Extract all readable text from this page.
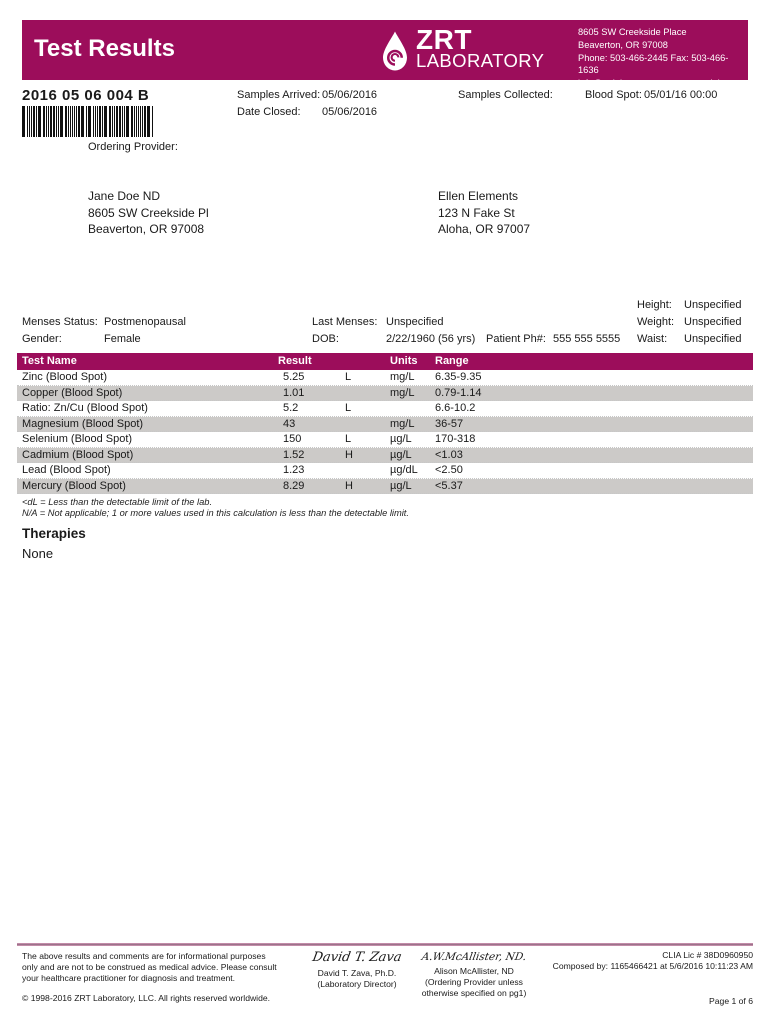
Test Results	ZRT
LABORATORY
8605 SW Creekside Place
Beaverton, OR 97008
Phone: 503-466-2445 Fax: 503-466-1636
info@zrtlab.com	www.zrtlab.com
2016 05 06 004 B
Ordering Provider:
Samples Arrived: 05/06/2016
Date Closed: 05/06/2016
Samples Collected:	Blood Spot: 05/01/16 00:00
Jane Doe ND
8605 SW Creekside Pl
Beaverton, OR 97008
Ellen Elements
123 N Fake St
Aloha, OR 97007
Menses Status: Postmenopausal
Gender:	Female
Last Menses: Unspecified
DOB:	2/22/1960 (56 yrs) Patient Ph#: 555 555 5555
Height: Unspecified
Weight: Unspecified
Waist: Unspecified
Test Name	Result	Units Range
Zinc (Blood Spot)	5.25	L	mg/L 6.35-9.35
Copper (Blood Spot)	1.01	mg/L 0.79-1.14
Ratio: Zn/Cu (Blood Spot)	5.2	L	6.6-10.2
Magnesium (Blood Spot)	43	mg/L 36-57
Selenium (Blood Spot)	150	L	µg/L 170-318
Cadmium (Blood Spot)	1.52	H	µg/L <1.03
Lead (Blood Spot)	1.23	µg/dL <2.50
Mercury (Blood Spot)	8.29	H	µg/L <5.37
<dL = Less than the detectable limit of the lab.
N/A = Not applicable; 1 or more values used in this calculation is less than the detectable limit.
Therapies
None
The above results and comments are for informational purposes only and are not to be construed as medical advice. Please consult your healthcare practitioner for diagnosis and treatment.
© 1998-2016 ZRT Laboratory, LLC. All rights reserved worldwide.
David T. Zava
David T. Zava, Ph.D.
(Laboratory Director)
A.W.McAllister, ND.
Alison McAllister, ND
(Ordering Provider unless otherwise specified on pg1)
CLIA Lic # 38D0960950
Composed by: 1165466421 at 5/6/2016 10:11:23 AM
Page 1 of 6
